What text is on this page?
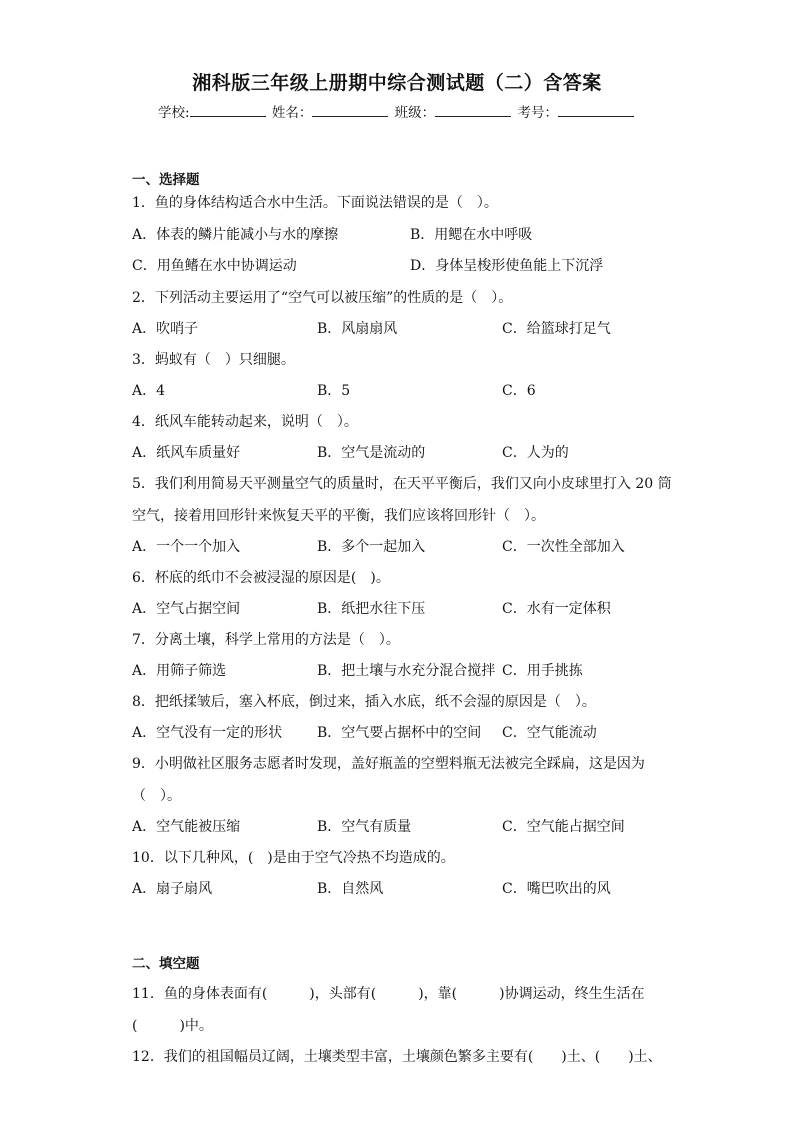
湘科版三年级上册期中综合测试题（二）含答案
学校:	姓名：	班级：	考号：
一、选择题
1．鱼的身体结构适合水中生活。下面说法错误的是（　）。
A．体表的鳞片能减小与水的摩擦	B．用鳃在水中呼吸
C．用鱼鳍在水中协调运动	D．身体呈梭形使鱼能上下沉浮
2．下列活动主要运用了“空气可以被压缩”的性质的是（　）。
A．吹哨子	B．风扇扇风	C．给篮球打足气
3．蚂蚁有（　）只细腿。
A．4	B．5	C．6
4．纸风车能转动起来，说明（　）。
A．纸风车质量好	B．空气是流动的	C．人为的
5．我们利用简易天平测量空气的质量时，在天平平衡后，我们又向小皮球里打入 20 筒
空气，接着用回形针来恢复天平的平衡，我们应该将回形针（　）。
A．一个一个加入	B．多个一起加入	C．一次性全部加入
6．杯底的纸巾不会被浸湿的原因是(　)。
A．空气占据空间	B．纸把水往下压	C．水有一定体积
7．分离土壤，科学上常用的方法是（　）。
A．用筛子筛选	B．把土壤与水充分混合搅拌 C．用手挑拣
8．把纸揉皱后，塞入杯底，倒过来，插入水底，纸不会湿的原因是（　）。
A．空气没有一定的形状 B．空气要占据杯中的空间 C．空气能流动
9．小明做社区服务志愿者时发现，盖好瓶盖的空塑料瓶无法被完全踩扁，这是因为
（　）。
A．空气能被压缩	B．空气有质量	C．空气能占据空间
10．以下几种风，(　)是由于空气冷热不均造成的。
A．扇子扇风	B．自然风	C．嘴巴吹出的风
二、填空题
11．鱼的身体表面有(　　　)，头部有(　　　)，靠(　　　)协调运动，终生生活在
(　　　)中。
12．我们的祖国幅员辽阔，土壤类型丰富，土壤颜色繁多主要有(　　)土、(　　)土、
